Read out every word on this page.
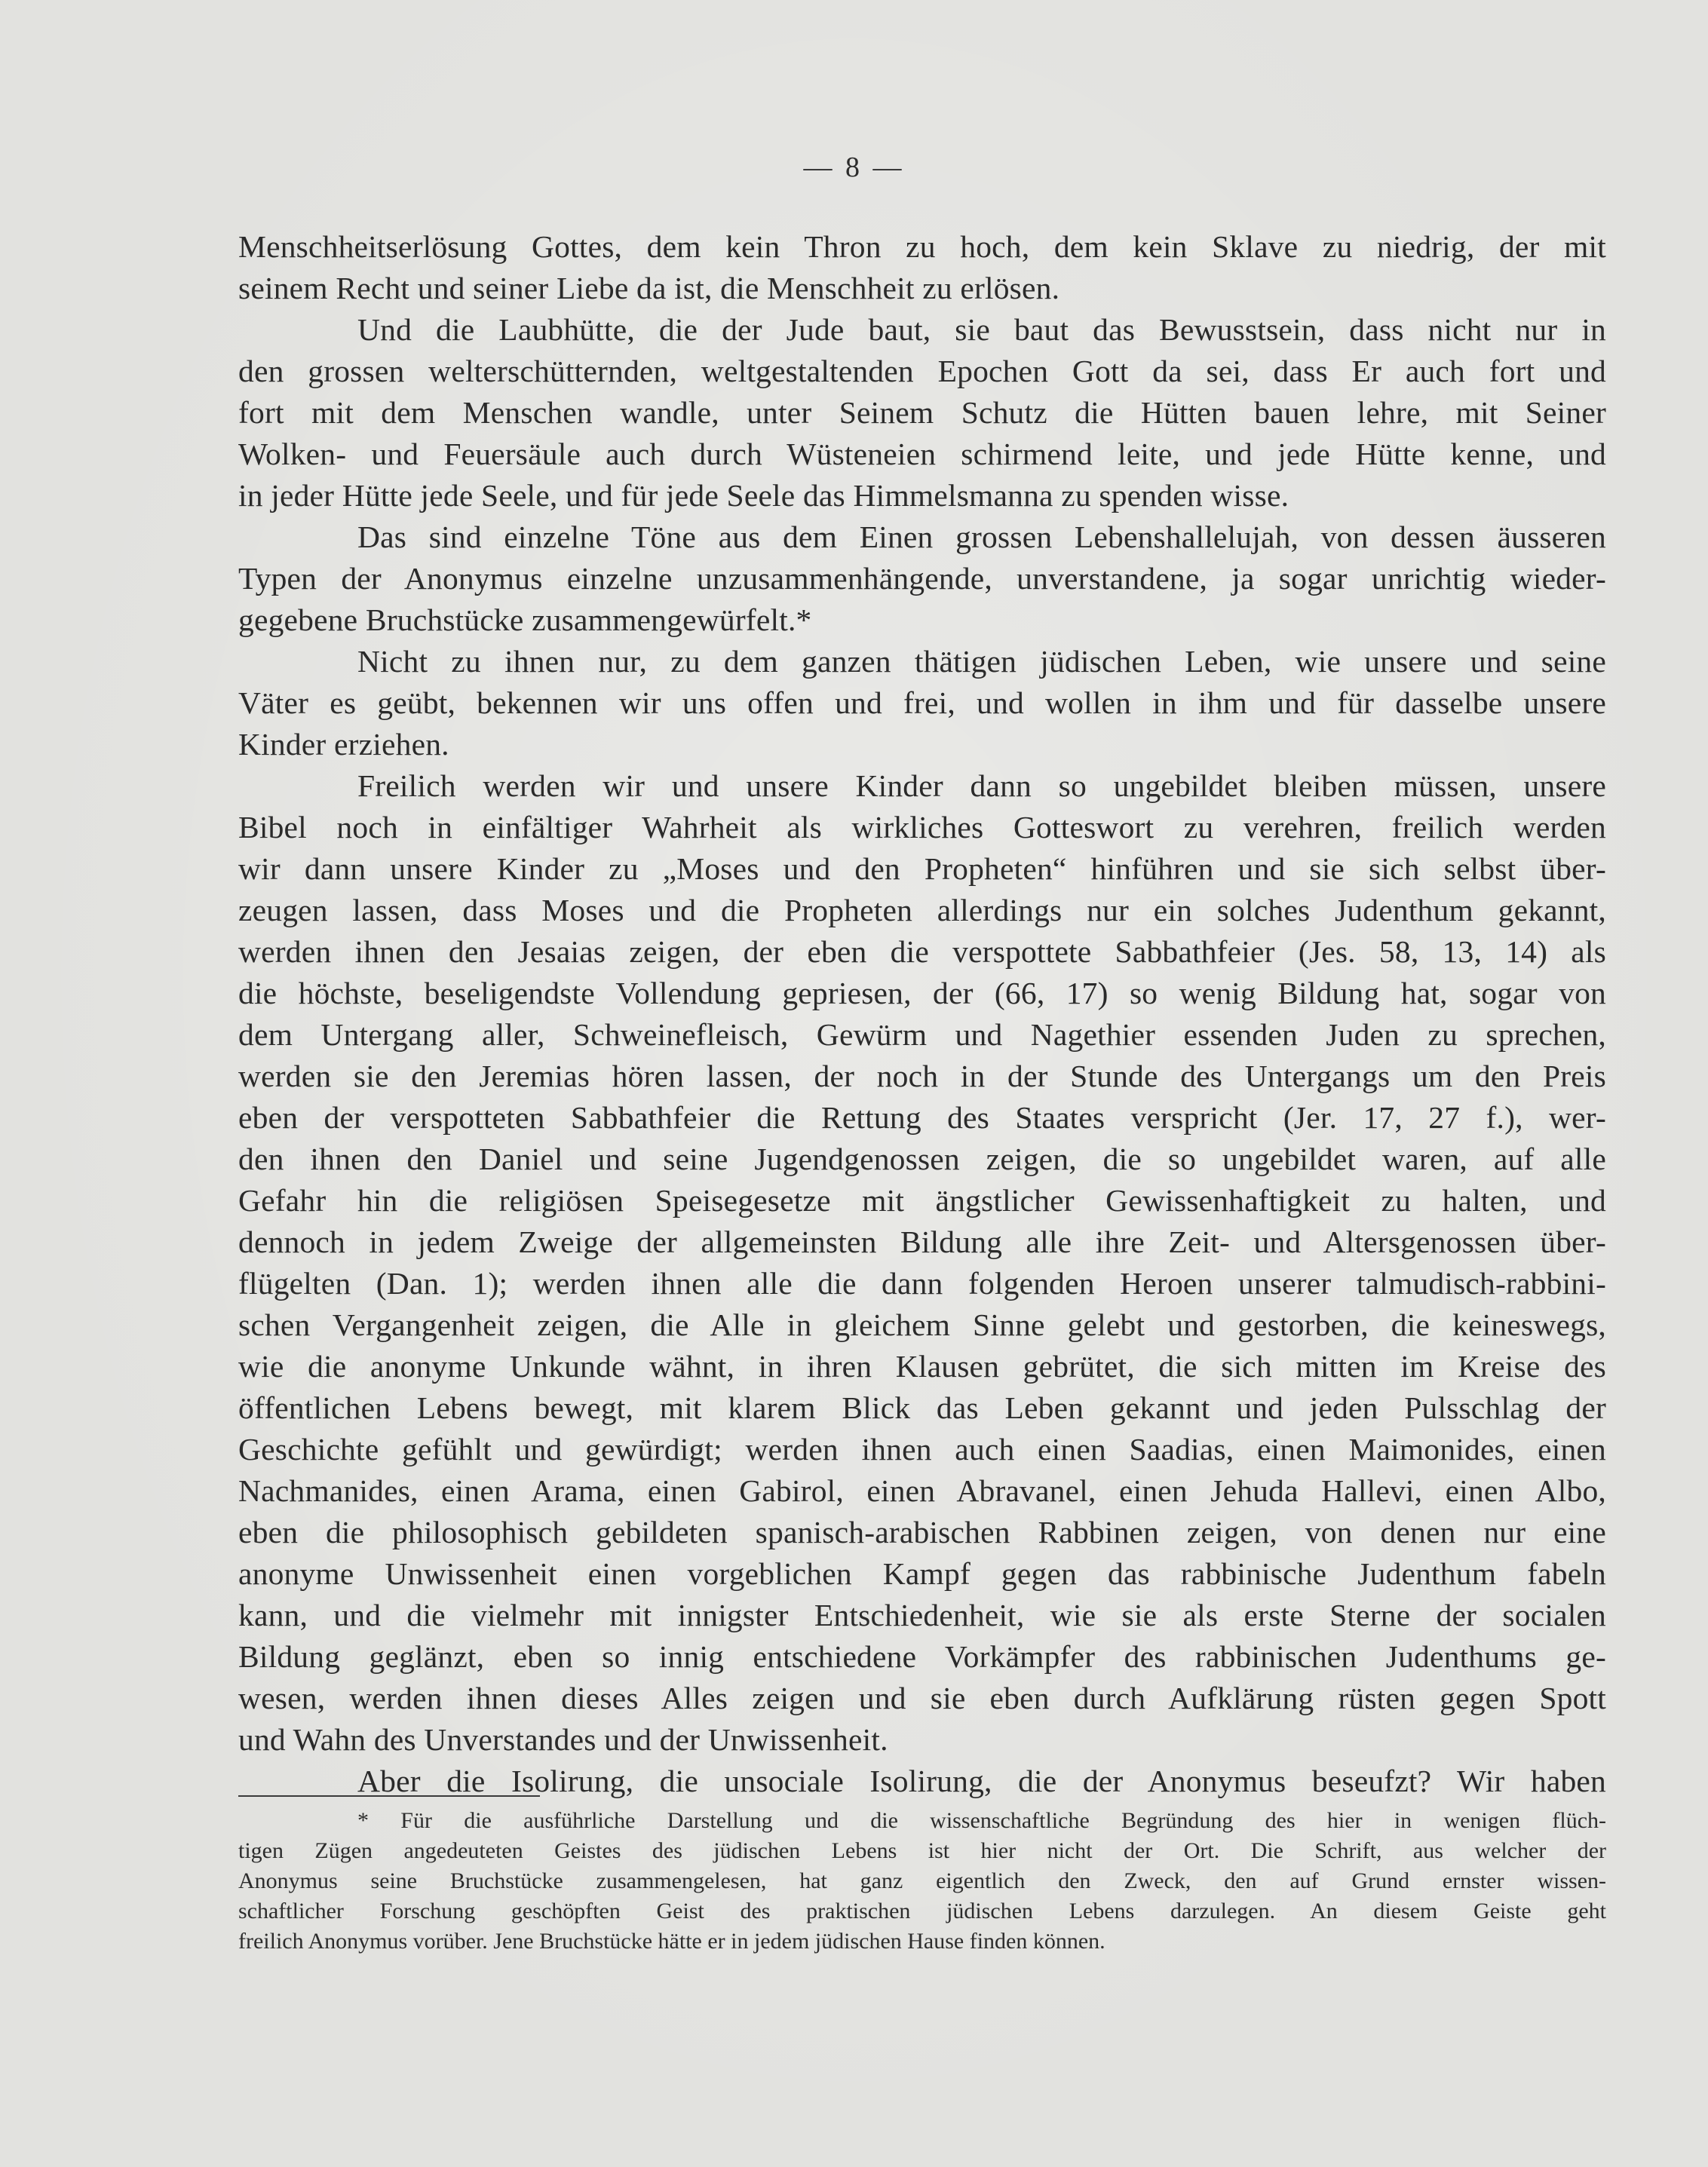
— 8 —
Menschheitserlösung Gottes, dem kein Thron zu hoch, dem kein Sklave zu niedrig, der mit
seinem Recht und seiner Liebe da ist, die Menschheit zu erlösen.
Und die Laubhütte, die der Jude baut, sie baut das Bewusstsein, dass nicht nur in
den grossen welterschütternden, weltgestaltenden Epochen Gott da sei, dass Er auch fort und
fort mit dem Menschen wandle, unter Seinem Schutz die Hütten bauen lehre, mit Seiner
Wolken- und Feuersäule auch durch Wüsteneien schirmend leite, und jede Hütte kenne, und
in jeder Hütte jede Seele, und für jede Seele das Himmelsmanna zu spenden wisse.
Das sind einzelne Töne aus dem Einen grossen Lebenshallelujah, von dessen äusseren
Typen der Anonymus einzelne unzusammenhängende, unverstandene, ja sogar unrichtig wieder-
gegebene Bruchstücke zusammengewürfelt.*
Nicht zu ihnen nur, zu dem ganzen thätigen jüdischen Leben, wie unsere und seine
Väter es geübt, bekennen wir uns offen und frei, und wollen in ihm und für dasselbe unsere
Kinder erziehen.
Freilich werden wir und unsere Kinder dann so ungebildet bleiben müssen, unsere
Bibel noch in einfältiger Wahrheit als wirkliches Gotteswort zu verehren, freilich werden
wir dann unsere Kinder zu „Moses und den Propheten“ hinführen und sie sich selbst über-
zeugen lassen, dass Moses und die Propheten allerdings nur ein solches Judenthum gekannt,
werden ihnen den Jesaias zeigen, der eben die verspottete Sabbathfeier (Jes. 58, 13, 14) als
die höchste, beseligendste Vollendung gepriesen, der (66, 17) so wenig Bildung hat, sogar von
dem Untergang aller, Schweinefleisch, Gewürm und Nagethier essenden Juden zu sprechen,
werden sie den Jeremias hören lassen, der noch in der Stunde des Untergangs um den Preis
eben der verspotteten Sabbathfeier die Rettung des Staates verspricht (Jer. 17, 27 f.), wer-
den ihnen den Daniel und seine Jugendgenossen zeigen, die so ungebildet waren, auf alle
Gefahr hin die religiösen Speisegesetze mit ängstlicher Gewissenhaftigkeit zu halten, und
dennoch in jedem Zweige der allgemeinsten Bildung alle ihre Zeit- und Altersgenossen über-
flügelten (Dan. 1); werden ihnen alle die dann folgenden Heroen unserer talmudisch-rabbini-
schen Vergangenheit zeigen, die Alle in gleichem Sinne gelebt und gestorben, die keineswegs,
wie die anonyme Unkunde wähnt, in ihren Klausen gebrütet, die sich mitten im Kreise des
öffentlichen Lebens bewegt, mit klarem Blick das Leben gekannt und jeden Pulsschlag der
Geschichte gefühlt und gewürdigt; werden ihnen auch einen Saadias, einen Maimonides, einen
Nachmanides, einen Arama, einen Gabirol, einen Abravanel, einen Jehuda Hallevi, einen Albo,
eben die philosophisch gebildeten spanisch-arabischen Rabbinen zeigen, von denen nur eine
anonyme Unwissenheit einen vorgeblichen Kampf gegen das rabbinische Judenthum fabeln
kann, und die vielmehr mit innigster Entschiedenheit, wie sie als erste Sterne der socialen
Bildung geglänzt, eben so innig entschiedene Vorkämpfer des rabbinischen Judenthums ge-
wesen, werden ihnen dieses Alles zeigen und sie eben durch Aufklärung rüsten gegen Spott
und Wahn des Unverstandes und der Unwissenheit.
Aber die Isolirung, die unsociale Isolirung, die der Anonymus beseufzt? Wir haben
* Für die ausführliche Darstellung und die wissenschaftliche Begründung des hier in wenigen flüch-
tigen Zügen angedeuteten Geistes des jüdischen Lebens ist hier nicht der Ort. Die Schrift, aus welcher der
Anonymus seine Bruchstücke zusammengelesen, hat ganz eigentlich den Zweck, den auf Grund ernster wissen-
schaftlicher Forschung geschöpften Geist des praktischen jüdischen Lebens darzulegen. An diesem Geiste geht
freilich Anonymus vorüber. Jene Bruchstücke hätte er in jedem jüdischen Hause finden können.
